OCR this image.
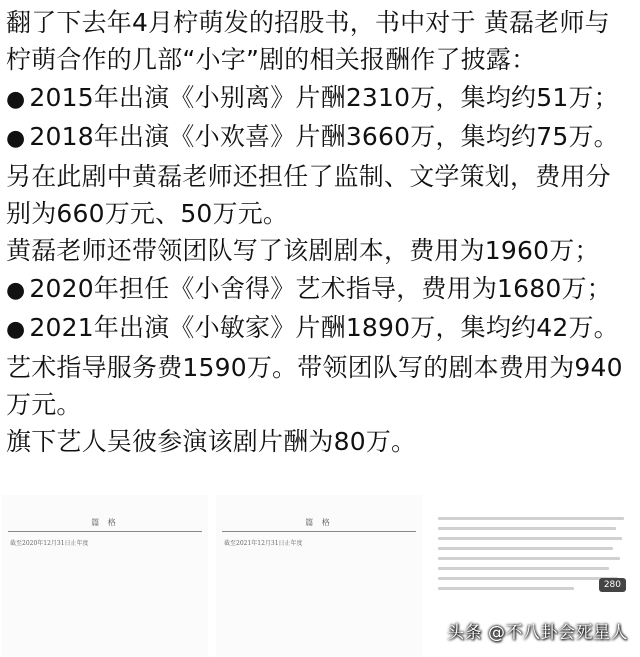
翻了下去年4月柠萌发的招股书，书中对于 黄磊老师与柠萌合作的几部“小字”剧的相关报酬作了披露：

● 2015年出演《小别离》片酬2310万，集均约51万；

● 2018年出演《小欢喜》片酬3660万，集均约75万。另在此剧中黄磊老师还担任了监制、文学策划，费用分别为660万元、50万元。

黄磊老师还带领团队写了该剧剧本，费用为1960万；

● 2020年担任《小舍得》艺术指导，费用为1680万；

● 2021年出演《小敏家》片酬1890万，集均约42万。艺术指导服务费1590万。带领团队写的剧本费用为940万元。

旗下艺人吴彼参演该剧片酬为80万。

篇 格
截至2020年12月31日止年度
篇 格
截至2021年12月31日止年度
280
头条 @不八卦会死星人
